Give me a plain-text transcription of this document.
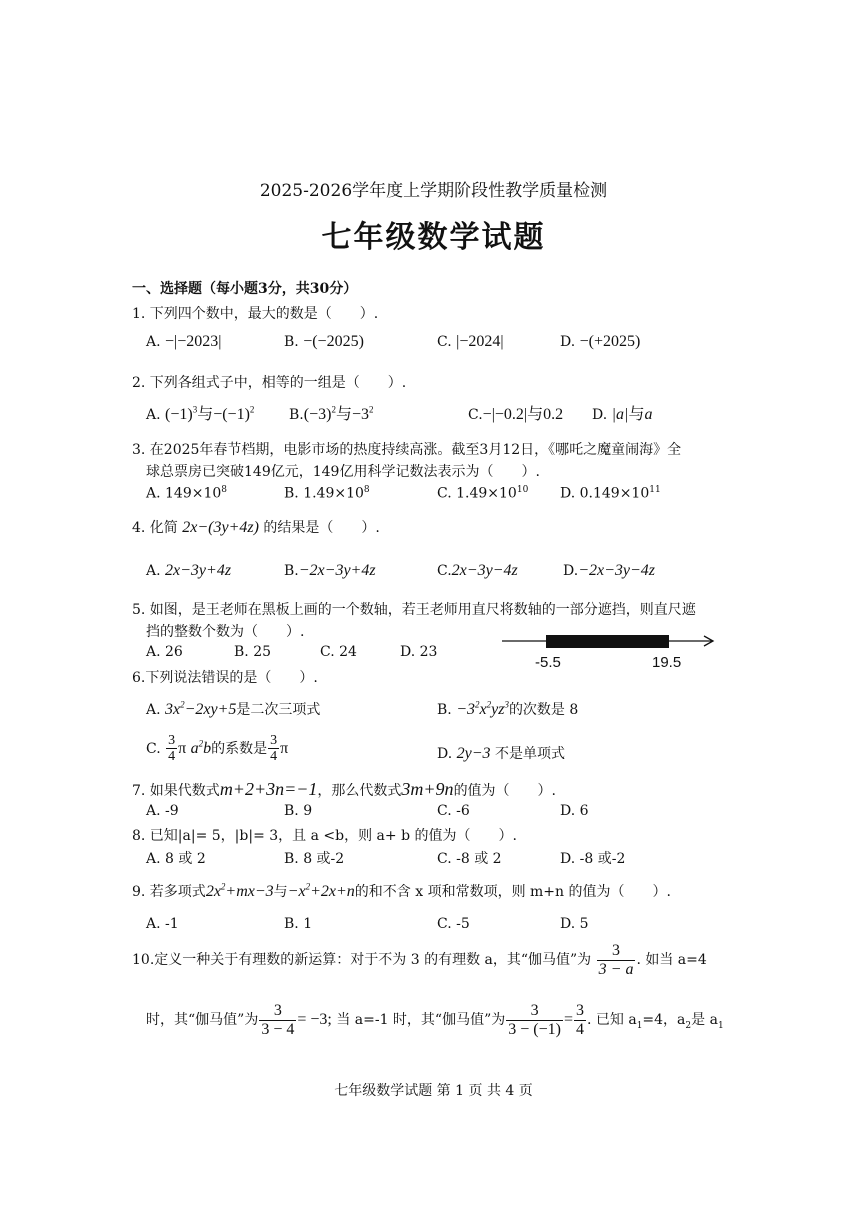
2025-2026学年度上学期阶段性教学质量检测
七年级数学试题
一、选择题（每小题3分，共30分）
1. 下列四个数中，最大的数是（　　）.
A. −|−2023|	B. −(−2025)	C. |−2024|	D. −(+2025)
2. 下列各组式子中，相等的一组是（　　）.
A. $(-1)^3$与$-(-1)^2$ $B.(-3)^2$与$-3^2$	C.−|−0.2|与0.2 D. |a|与a
3. 在2025年春节档期，电影市场的热度持续高涨。截至3月12日，《哪吒之魔童闹海》全
球总票房已突破149亿元，149亿用科学记数法表示为（　　）.
A. $149\times 10^8$	B. $1.49\times 10^8$	C. $1.49\times 10^{10}$ D. $0.149\times 10^{11}$
4. 化简 2x−(3y+4z) 的结果是（　　）.
A. 2x−3y+4z	B.−2x−3y+4z	C.2x−3y−4z	D.−2x−3y−4z
5. 如图，是王老师在黑板上画的一个数轴，若王老师用直尺将数轴的一部分遮挡，则直尺遮
挡的整数个数为（　　）.
A. 26	B. 25	C. 24	D. 23
-5.5	19.5
6.下列说法错误的是（　　）.
A. $3x^2-2xy+5$是二次三项式	B. $-3^2x^2yz^3$的次数是 8
C. $\frac{3}{4}$ π $a^2b$的系数是 $\frac{3}{4}$ π	D. 2y−3 不是单项式
7. 如果代数式m+2+3n=−1，那么代数式3m+9n的值为（　　）.
A. -9	B. 9	C. -6	D. 6
8. 已知|a|= 5，|b|= 3，且 a <b，则 a+ b 的值为（　　）.
A. 8 或 2	B. 8 或-2	C. -8 或 2	D. -8 或-2
9. 若多项式$2x^2+mx-3$与$-x^2+2x+n$的和不含 x 项和常数项，则 m+n 的值为（　　）.
A. -1	B. 1	C. -5	D. 5
10.定义一种关于有理数的新运算：对于不为 3 的有理数 a，其“伽马值”为 $\frac{3}{3 - a}$ . 如当 a=4
时，其“伽马值”为 $\frac{3}{3 - 4} = -3$; 当 a=-1 时，其“伽马值”为 $\frac{3}{3 - (-1)} = \frac{3}{4}$ . 已知 $a_1=4$，$a_2$是 $a_1$
七年级数学试题 第 1 页 共 4 页
